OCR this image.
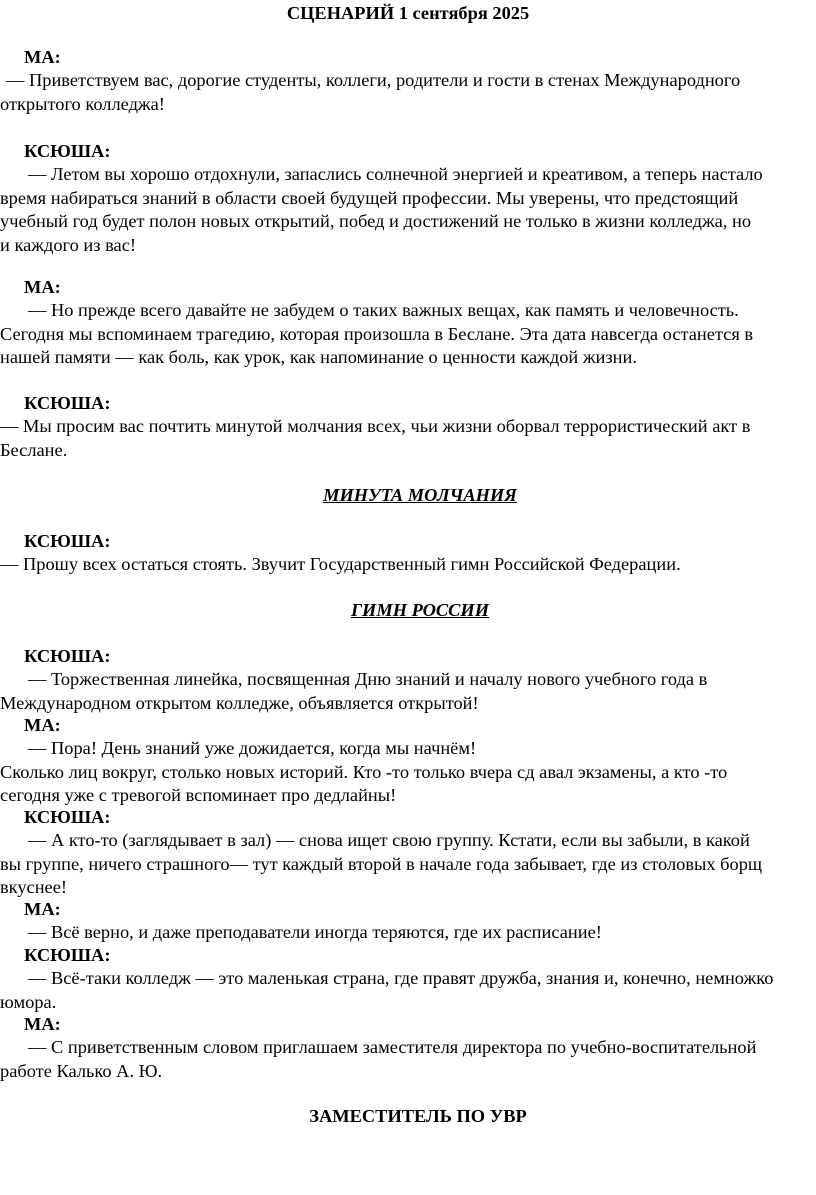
СЦЕНАРИЙ 1 сентября 2025
МА:
— Приветствуем вас, дорогие студенты, коллеги, родители и гости в стенах Международного
открытого колледжа!
КСЮША:
— Летом вы хорошо отдохнули, запаслись солнечной энергией и креативом, а теперь настало
время набираться знаний в области своей будущей профессии. Мы уверены, что предстоящий
учебный год будет полон новых открытий, побед и достижений не только в жизни колледжа, но
и каждого из вас!
МА:
— Но прежде всего давайте не забудем о таких важных вещах, как память и человечность.
Сегодня мы вспоминаем трагедию, которая произошла в Беслане. Эта дата навсегда останется в
нашей памяти — как боль, как урок, как напоминание о ценности каждой жизни.
КСЮША:
— Мы просим вас почтить минутой молчания всех, чьи жизни оборвал террористический акт в
Беслане.
МИНУТА МОЛЧАНИЯ
КСЮША:
— Прошу всех остаться стоять. Звучит Государственный гимн Российской Федерации.
ГИМН РОССИИ
КСЮША:
— Торжественная линейка, посвященная Дню знаний и началу нового учебного года в
Международном открытом колледже, объявляется открытой!
МА:
— Пора! День знаний уже дожидается, когда мы начнём!
Сколько лиц вокруг, столько новых историй. Кто -то только вчера сд авал экзамены, а кто -то
сегодня уже с тревогой вспоминает про дедлайны!
КСЮША:
— А кто-то (заглядывает в зал) — снова ищет свою группу. Кстати, если вы забыли, в какой
вы группе, ничего страшного— тут каждый второй в начале года забывает, где из столовых борщ
вкуснее!
МА:
— Всё верно, и даже преподаватели иногда теряются, где их расписание!
КСЮША:
— Всё-таки колледж — это маленькая страна, где правят дружба, знания и, конечно, немножко
юмора.
МА:
— С приветственным словом приглашаем заместителя директора по учебно-воспитательной
работе Калько А. Ю.
ЗАМЕСТИТЕЛЬ ПО УВР
